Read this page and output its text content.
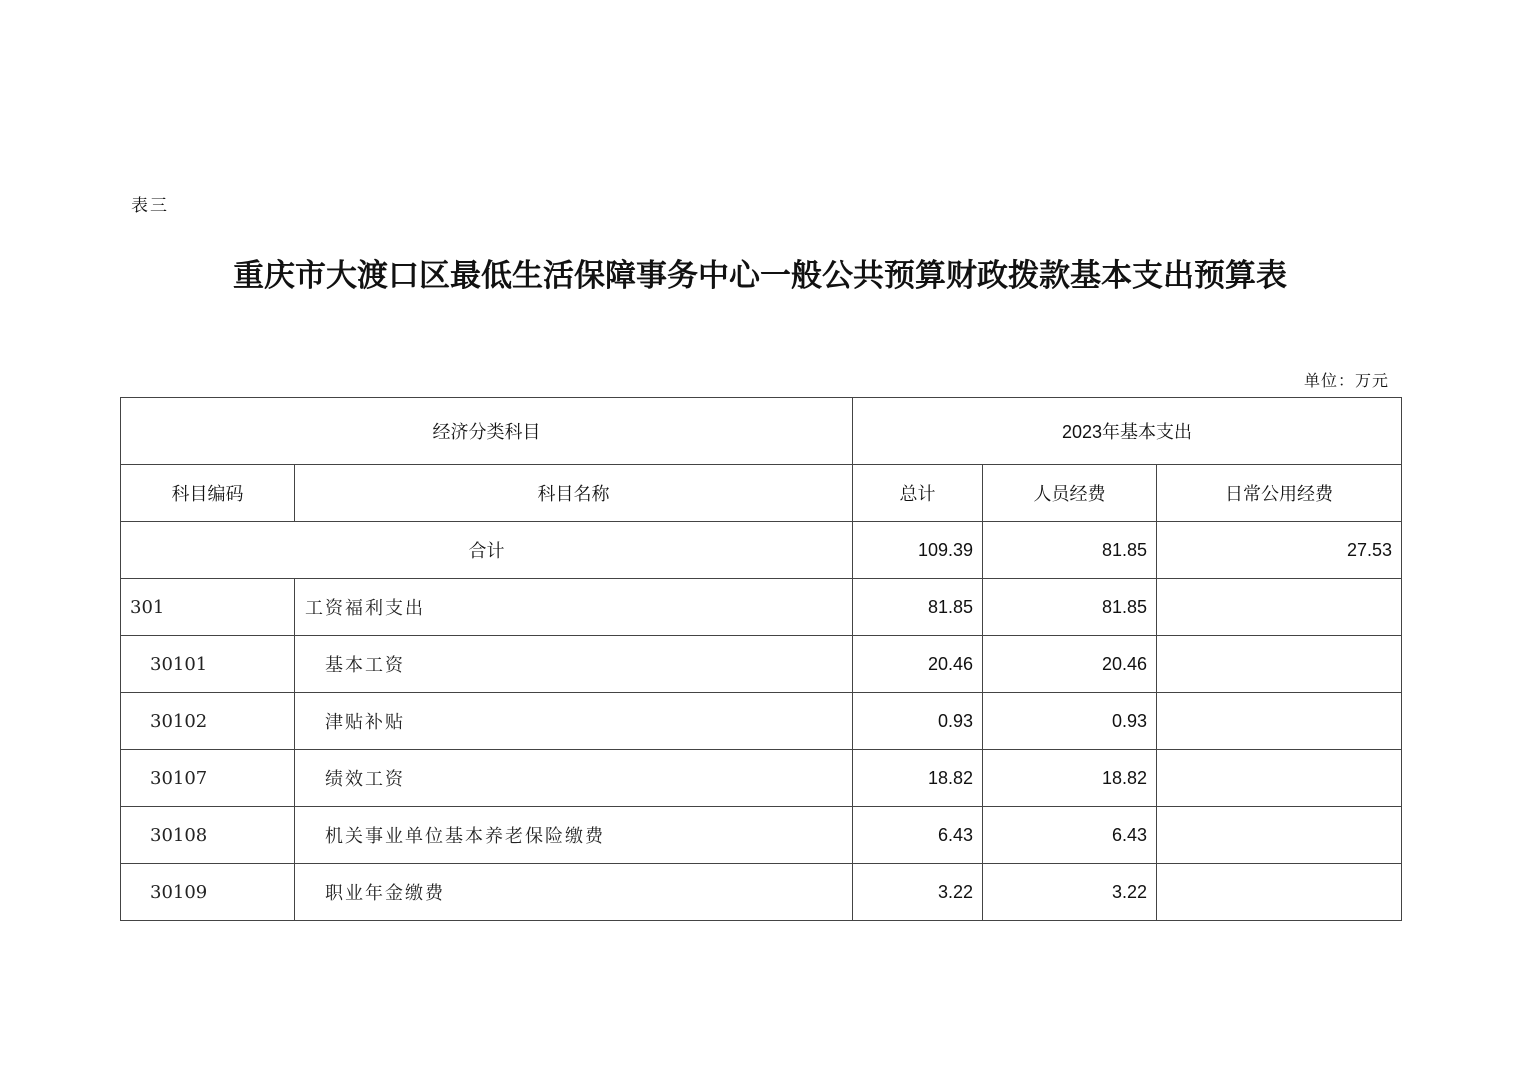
表三
重庆市大渡口区最低生活保障事务中心一般公共预算财政拨款基本支出预算表
单位：万元
经济分类科目		2023年基本支出		
科目编码	科目名称	总计	人员经费	日常公用经费
合计		109.39	81.85	27.53
301	工资福利支出	81.85	81.85	
30101	基本工资	20.46	20.46	
30102	津贴补贴	0.93	0.93	
30107	绩效工资	18.82	18.82	
30108	机关事业单位基本养老保险缴费	6.43	6.43	
30109	职业年金缴费	3.22	3.22	
